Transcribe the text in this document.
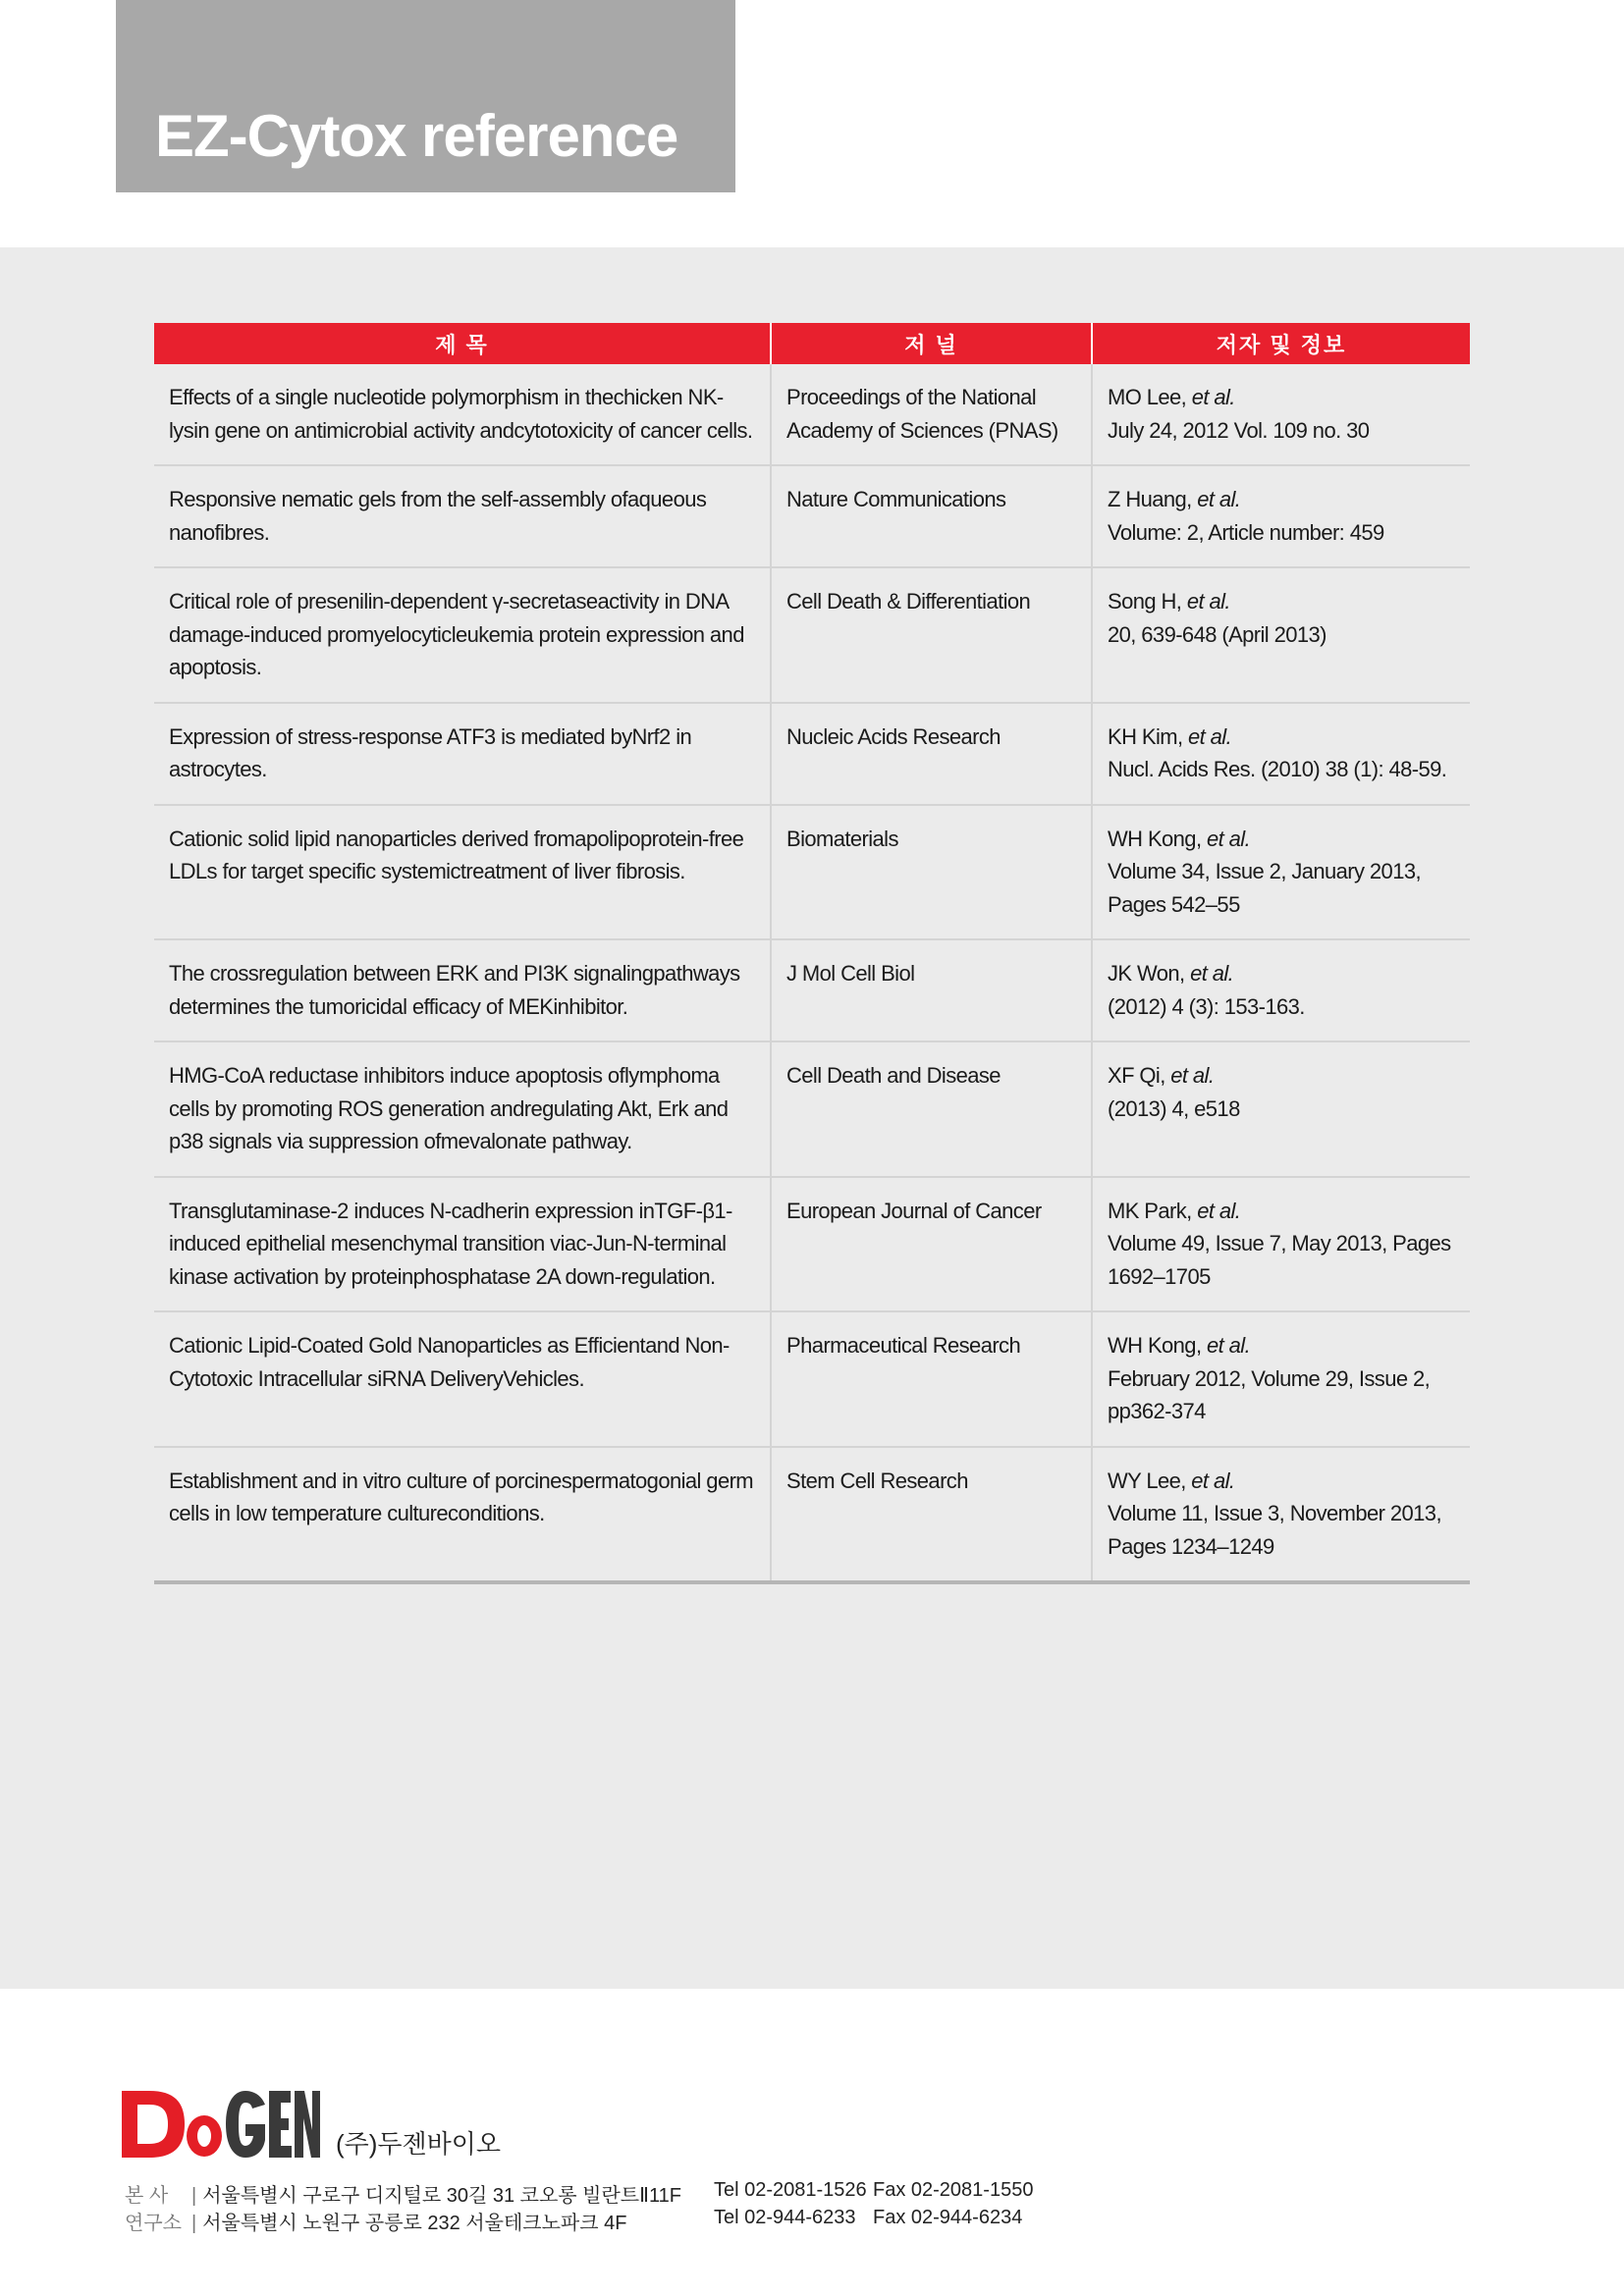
EZ-Cytox reference
제 목	저 널	저자 및 정보
Effects of a single nucleotide polymorphism in thechicken NK-lysin gene on antimicrobial activity andcytotoxicity of cancer cells.	Proceedings of the National Academy of Sciences (PNAS)	MO Lee, et al.
July 24, 2012 Vol. 109 no. 30

Responsive nematic gels from the self-assembly ofaqueous nanofibres.	Nature Communications	Z Huang, et al.
Volume: 2, Article number: 459

Critical role of presenilin-dependent γ-secretaseactivity in DNA damage-induced promyelocyticleukemia protein expression and apoptosis.	Cell Death & Differentiation	Song H, et al.
20, 639-648 (April 2013)

Expression of stress-response ATF3 is mediated byNrf2 in astrocytes.	Nucleic Acids Research	KH Kim, et al.
Nucl. Acids Res. (2010) 38 (1): 48-59.

Cationic solid lipid nanoparticles derived fromapolipoprotein-free LDLs for target specific systemictreatment of liver fibrosis.	Biomaterials	WH Kong, et al.
Volume 34, Issue 2, January 2013, Pages 542–55

The crossregulation between ERK and PI3K signalingpathways determines the tumoricidal efficacy of MEKinhibitor.	J Mol Cell Biol	JK Won, et al.
(2012) 4 (3): 153-163.

HMG-CoA reductase inhibitors induce apoptosis oflymphoma cells by promoting ROS generation andregulating Akt, Erk and p38 signals via suppression ofmevalonate pathway.	Cell Death and Disease	XF Qi, et al.
(2013) 4, e518

Transglutaminase-2 induces N-cadherin expression inTGF-β1-induced epithelial mesenchymal transition viac-Jun-N-terminal kinase activation by proteinphosphatase 2A down-regulation.	European Journal of Cancer	MK Park, et al.
Volume 49, Issue 7, May 2013, Pages 1692–1705

Cationic Lipid-Coated Gold Nanoparticles as Efficientand Non-Cytotoxic Intracellular siRNA DeliveryVehicles.	Pharmaceutical Research	WH Kong, et al.
February 2012, Volume 29, Issue 2, pp362-374

Establishment and in vitro culture of porcinespermatogonial germ cells in low temperature cultureconditions.	Stem Cell Research	WY Lee, et al.
Volume 11, Issue 3, November 2013, Pages 1234–1249
(주)두젠바이오
본 사 | 서울특별시 구로구 디지털로 30길 31 코오롱 빌란트Ⅱ11F Tel 02-2081-1526 Fax 02-2081-1550
연구소 | 서울특별시 노원구 공릉로 232 서울테크노파크 4F	Tel 02-944-6233 Fax 02-944-6234
